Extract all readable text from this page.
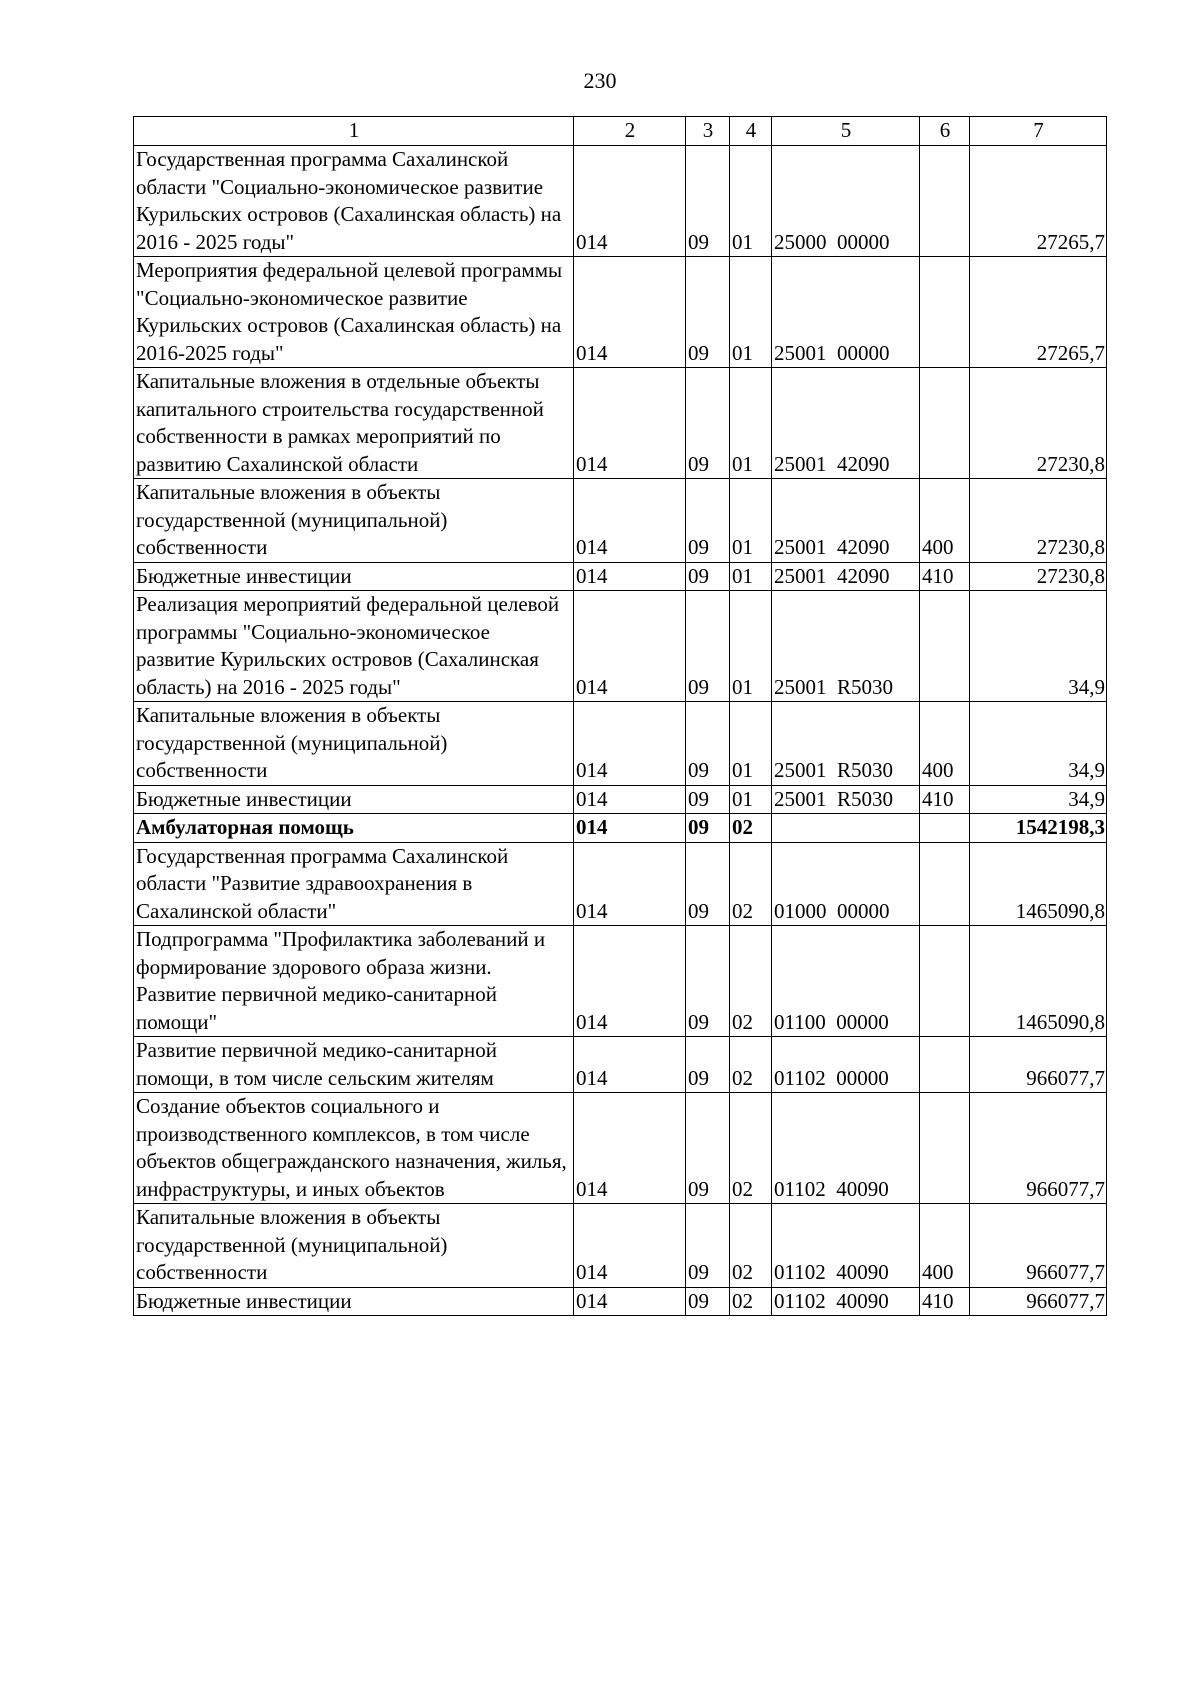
230
1	2	3	4	5	6	7
Государственная программа Сахалинской области "Социально-экономическое развитие Курильских островов (Сахалинская область) на 2016 - 2025 годы"	014	09	01	25000  00000		27265,7
Мероприятия федеральной целевой программы "Социально-экономическое развитие Курильских островов (Сахалинская область) на 2016-2025 годы"	014	09	01	25001  00000		27265,7
Капитальные вложения в отдельные объекты капитального строительства государственной собственности в рамках мероприятий по развитию Сахалинской области	014	09	01	25001  42090		27230,8
Капитальные вложения в объекты государственной (муниципальной) собственности	014	09	01	25001  42090	400	27230,8
Бюджетные инвестиции	014	09	01	25001  42090	410	27230,8
Реализация мероприятий федеральной целевой программы "Социально-экономическое развитие Курильских островов (Сахалинская область) на 2016 - 2025 годы"	014	09	01	25001  R5030		34,9
Капитальные вложения в объекты государственной (муниципальной) собственности	014	09	01	25001  R5030	400	34,9
Бюджетные инвестиции	014	09	01	25001  R5030	410	34,9
Амбулаторная помощь	014	09	02			1542198,3
Государственная программа Сахалинской области "Развитие здравоохранения в Сахалинской области"	014	09	02	01000  00000		1465090,8
Подпрограмма "Профилактика заболеваний и формирование здорового образа жизни. Развитие первичной медико-санитарной помощи"	014	09	02	01100  00000		1465090,8
Развитие первичной медико-санитарной помощи, в том числе сельским жителям	014	09	02	01102  00000		966077,7
Создание объектов социального и производственного комплексов, в том числе объектов общегражданского назначения, жилья, инфраструктуры, и иных объектов	014	09	02	01102  40090		966077,7
Капитальные вложения в объекты государственной (муниципальной) собственности	014	09	02	01102  40090	400	966077,7
Бюджетные инвестиции	014	09	02	01102  40090	410	966077,7
